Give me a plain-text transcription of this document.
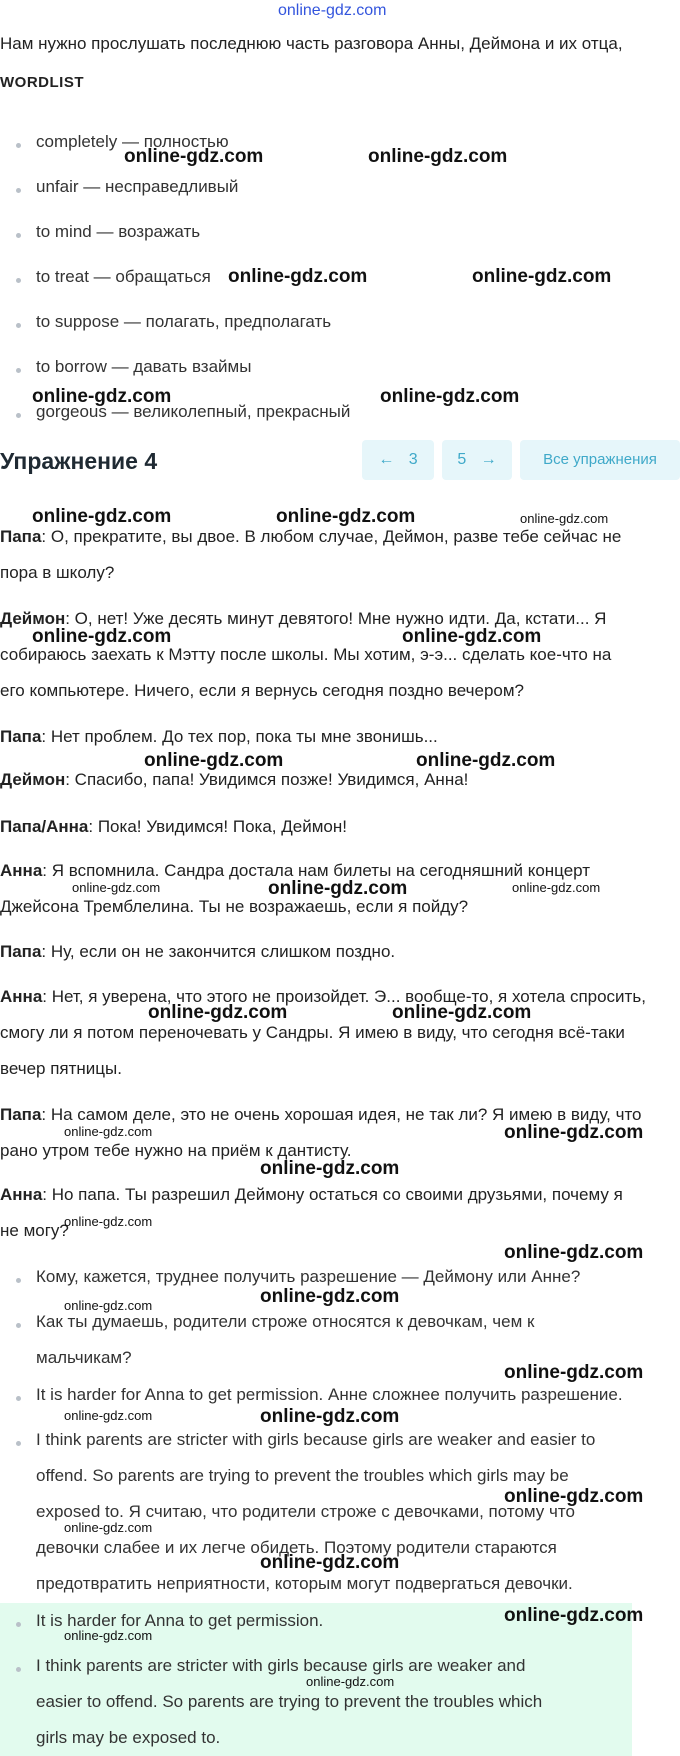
online-gdz.com
Нам нужно прослушать последнюю часть разговора Анны, Деймона и их отца,
WORDLIST
completely — полностью
unfair — несправедливый
to mind — возражать
to treat — обращаться
to suppose — полагать, предполагать
to borrow — давать взаймы
gorgeous — великолепный, прекрасный
Упражнение 4	← 3	5 →	Все упражнения
Папа: О, прекратите, вы двое. В любом случае, Деймон, разве тебе сейчас не
пора в школу?
Деймон: О, нет! Уже десять минут девятого! Мне нужно идти. Да, кстати... Я
собираюсь заехать к Мэтту после школы. Мы хотим, э-э... сделать кое-что на
его компьютере. Ничего, если я вернусь сегодня поздно вечером?
Папа: Нет проблем. До тех пор, пока ты мне звонишь...
Деймон: Спасибо, папа! Увидимся позже! Увидимся, Анна!
Папа/Анна: Пока! Увидимся! Пока, Деймон!
Анна: Я вспомнила. Сандра достала нам билеты на сегодняшний концерт
Джейсона Тремблелина. Ты не возражаешь, если я пойду?
Папа: Ну, если он не закончится слишком поздно.
Анна: Нет, я уверена, что этого не произойдет. Э... вообще-то, я хотела спросить,
смогу ли я потом переночевать у Сандры. Я имею в виду, что сегодня всё-таки
вечер пятницы.
Папа: На самом деле, это не очень хорошая идея, не так ли? Я имею в виду, что
рано утром тебе нужно на приём к дантисту.
Анна: Но папа. Ты разрешил Деймону остаться со своими друзьями, почему я
не могу?
Кому, кажется, труднее получить разрешение — Деймону или Анне?
Как ты думаешь, родители строже относятся к девочкам, чем к
мальчикам?
It is harder for Anna to get permission. Анне сложнее получить разрешение.
I think parents are stricter with girls because girls are weaker and easier to
offend. So parents are trying to prevent the troubles which girls may be
exposed to. Я считаю, что родители строже с девочками, потому что
девочки слабее и их легче обидеть. Поэтому родители стараются
предотвратить неприятности, которым могут подвергаться девочки.
It is harder for Anna to get permission.
I think parents are stricter with girls because girls are weaker and
easier to offend. So parents are trying to prevent the troubles which
girls may be exposed to.
online-gdz.com	online-gdz.com
online-gdz.com	online-gdz.com
online-gdz.com	online-gdz.com
online-gdz.com	online-gdz.com	online-gdz.com
online-gdz.com	online-gdz.com
online-gdz.com	online-gdz.com
online-gdz.com	online-gdz.com	online-gdz.com
online-gdz.com	online-gdz.com
online-gdz.com	online-gdz.com
online-gdz.com
online-gdz.com
online-gdz.com
online-gdz.com
online-gdz.com
online-gdz.com
online-gdz.com
online-gdz.com
online-gdz.com
online-gdz.com
online-gdz.com
online-gdz.com
online-gdz.com
online-gdz.com
